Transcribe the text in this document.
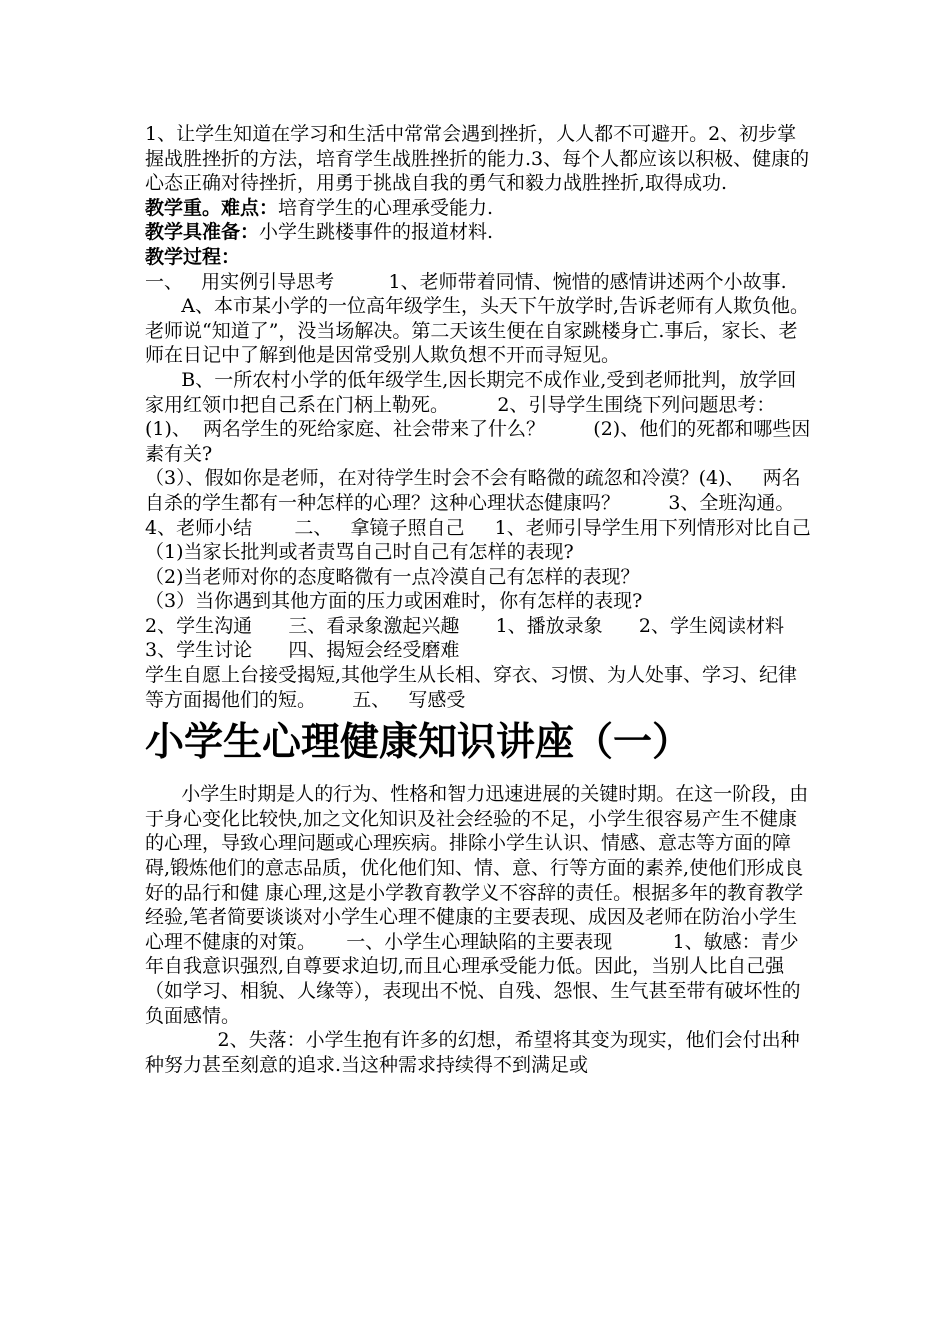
1、让学生知道在学习和生活中常常会遇到挫折，人人都不可避开。2、初步掌握战胜挫折的方法，培育学生战胜挫折的能力.3、每个人都应该以积极、健康的心态正确对待挫折，用勇于挑战自我的勇气和毅力战胜挫折,取得成功.

教学重。难点：培育学生的心理承受能力.

教学具准备：小学生跳楼事件的报道材料.

教学过程：

一、   用实例引导思考         1、老师带着同情、惋惜的感情讲述两个小故事.
A、本市某小学的一位高年级学生，头天下午放学时,告诉老师有人欺负他。老师说“知道了”，没当场解决。第二天该生便在自家跳楼身亡.事后，家长、老师在日记中了解到他是因常受别人欺负想不开而寻短见。
B、一所农村小学的低年级学生,因长期完不成作业,受到老师批判，放学回家用红领巾把自己系在门柄上勒死。        2、引导学生围绕下列问题思考：          (1)、  两名学生的死给家庭、社会带来了什么？        (2)、他们的死都和哪些因素有关?
（3）、假如你是老师，在对待学生时会不会有略微的疏忽和冷漠？(4)、   两名自杀的学生都有一种怎样的心理？这种心理状态健康吗？        3、全班沟通。         4、老师小结       二、   拿镜子照自己     1、老师引导学生用下列情形对比自己
（1)当家长批判或者责骂自己时自己有怎样的表现?
（2)当老师对你的态度略微有一点冷漠自己有怎样的表现？
（3）当你遇到其他方面的压力或困难时，你有怎样的表现?
2、学生沟通      三、看录象激起兴趣      1、播放录象      2、学生阅读材料      3、学生讨论      四、揭短会经受磨难
学生自愿上台接受揭短,其他学生从长相、穿衣、习惯、为人处事、学习、纪律等方面揭他们的短。      五、   写感受

小学生心理健康知识讲座（一）

小学生时期是人的行为、性格和智力迅速进展的关键时期。在这一阶段，由于身心变化比较快,加之文化知识及社会经验的不足，小学生很容易产生不健康的心理，导致心理问题或心理疾病。排除小学生认识、情感、意志等方面的障碍,锻炼他们的意志品质，优化他们知、情、意、行等方面的素养,使他们形成良好的品行和健 康心理,这是小学教育教学义不容辞的责任。根据多年的教育教学经验,笔者简要谈谈对小学生心理不健康的主要表现、成因及老师在防治小学生心理不健康的对策。     一、小学生心理缺陷的主要表现          1、敏感：青少年自我意识强烈,自尊要求迫切,而且心理承受能力低。因此，当别人比自己强（如学习、相貌、人缘等），表现出不悦、自残、怨恨、生气甚至带有破坏性的负面感情。
2、失落：小学生抱有许多的幻想，希望将其变为现实，他们会付出种种努力甚至刻意的追求.当这种需求持续得不到满足或
